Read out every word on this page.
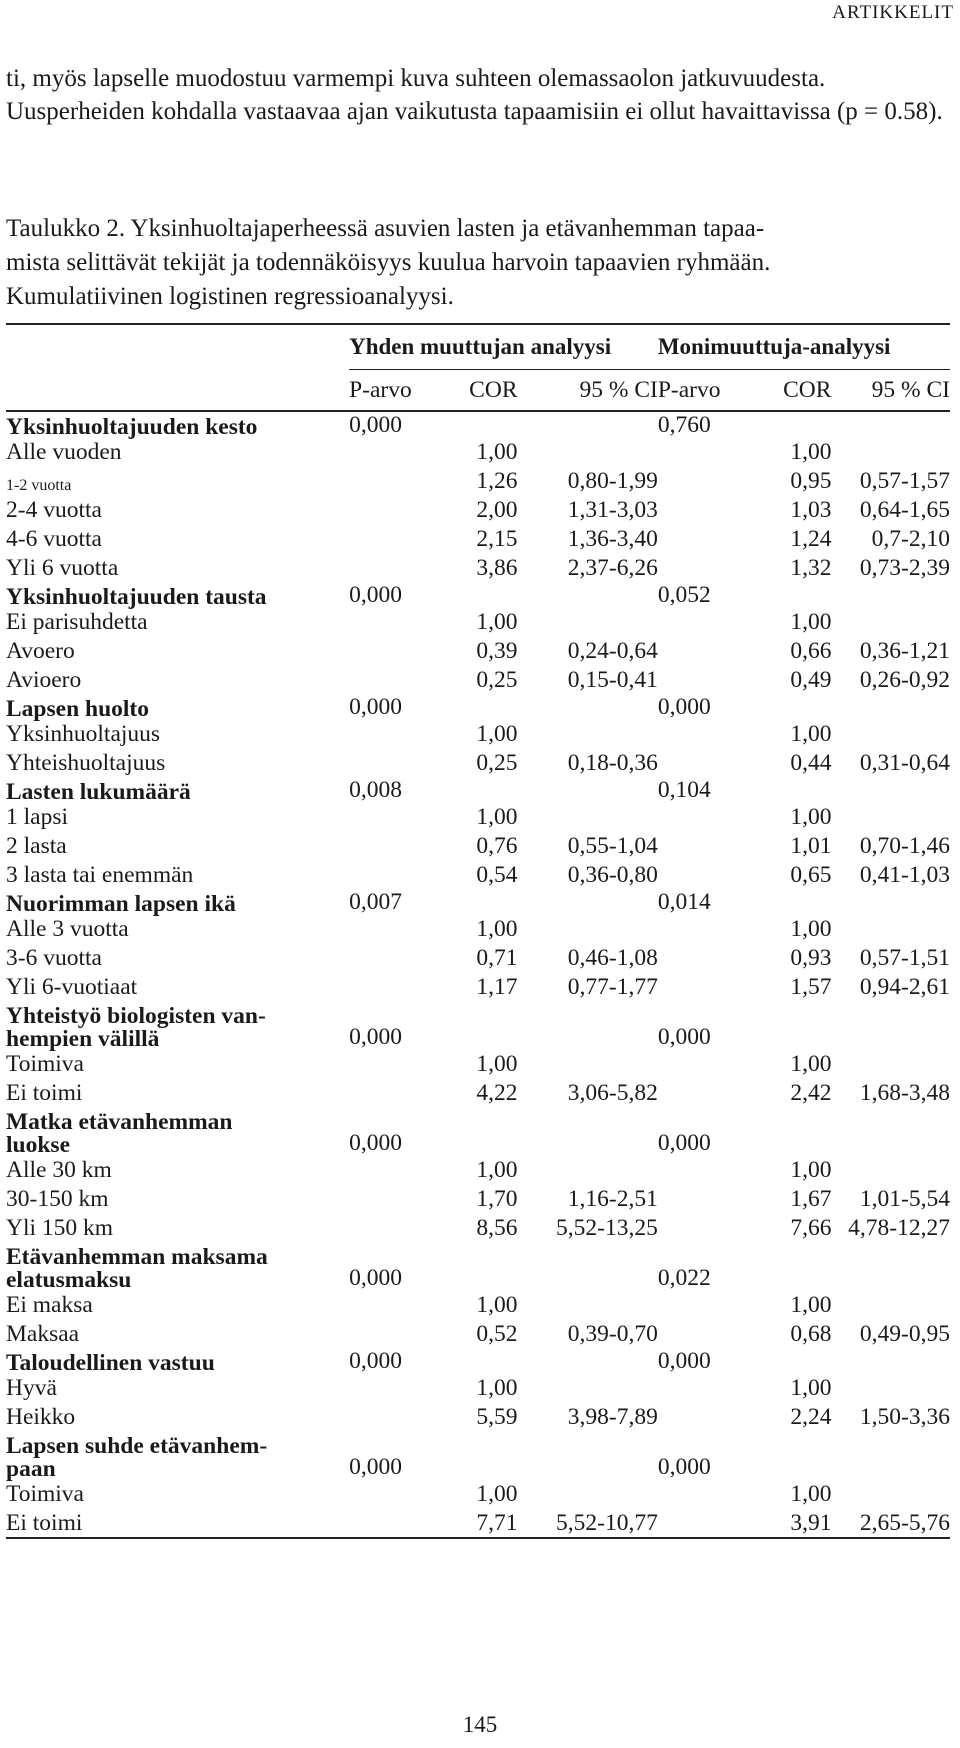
ARTIKKELIT

ti, myös lapselle muodostuu varmempi kuva suhteen olemassaolon jatkuvuudesta. Uusperheiden kohdalla vastaavaa ajan vaikutusta tapaamisiin ei ollut havaittavissa (p = 0.58).

Taulukko 2. Yksinhuoltajaperheessä asuvien lasten ja etävanhemman tapaa-
mista selittävät tekijät ja todennäköisyys kuulua harvoin tapaavien ryhmään.
Kumulatiivinen logistinen regressioanalyysi.
	Yhden muuttujan analyysi			Monimuuttuja-analyysi		
	P-arvo	COR	95 % CI	P-arvo	COR	95 % CI
Yksinhuoltajuuden kesto	0,000			0,760		
Alle vuoden		1,00			1,00	
1-2 vuotta		1,26	0,80-1,99		0,95	0,57-1,57
2-4 vuotta		2,00	1,31-3,03		1,03	0,64-1,65
4-6 vuotta		2,15	1,36-3,40		1,24	0,7-2,10
Yli 6 vuotta		3,86	2,37-6,26		1,32	0,73-2,39
Yksinhuoltajuuden tausta	0,000			0,052		
Ei parisuhdetta		1,00			1,00	
Avoero		0,39	0,24-0,64		0,66	0,36-1,21
Avioero		0,25	0,15-0,41		0,49	0,26-0,92
Lapsen huolto	0,000			0,000		
Yksinhuoltajuus		1,00			1,00	
Yhteishuoltajuus		0,25	0,18-0,36		0,44	0,31-0,64
Lasten lukumäärä	0,008			0,104		
1 lapsi		1,00			1,00	
2 lasta		0,76	0,55-1,04		1,01	0,70-1,46
3 lasta tai enemmän		0,54	0,36-0,80		0,65	0,41-1,03
Nuorimman lapsen ikä	0,007			0,014		
Alle 3 vuotta		1,00			1,00	
3-6 vuotta		0,71	0,46-1,08		0,93	0,57-1,51
Yli 6-vuotiaat		1,17	0,77-1,77		1,57	0,94-2,61

Yhteistyö biologisten van-
hempien välillä	0,000			0,000		
Toimiva		1,00			1,00	
Ei toimi		4,22	3,06-5,82		2,42	1,68-3,48

Matka etävanhemman
luokse	0,000			0,000		
Alle 30 km		1,00			1,00	
30-150 km		1,70	1,16-2,51		1,67	1,01-5,54
Yli 150 km		8,56	5,52-13,25		7,66	4,78-12,27

Etävanhemman maksama
elatusmaksu	0,000			0,022		
Ei maksa		1,00			1,00	
Maksaa		0,52	0,39-0,70		0,68	0,49-0,95
Taloudellinen vastuu	0,000			0,000		
Hyvä		1,00			1,00	
Heikko		5,59	3,98-7,89		2,24	1,50-3,36

Lapsen suhde etävanhem-
paan	0,000			0,000		
Toimiva		1,00			1,00	
Ei toimi		7,71	5,52-10,77		3,91	2,65-5,76
145
